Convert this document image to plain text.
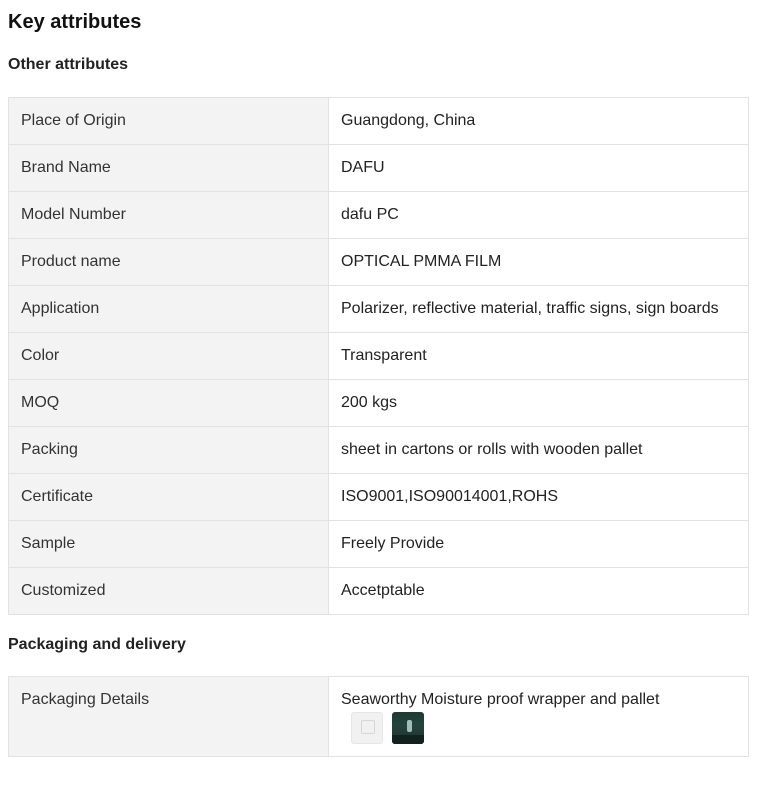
Key attributes
Other attributes
Place of Origin	Guangdong, China
Brand Name	DAFU
Model Number	dafu PC
Product name	OPTICAL PMMA FILM
Application	Polarizer, reflective material, traffic signs, sign boards
Color	Transparent
MOQ	200 kgs
Packing	sheet in cartons or rolls with wooden pallet
Certificate	ISO9001,ISO90014001,ROHS
Sample	Freely Provide
Customized	Accetptable
Packaging and delivery
Packaging Details	Seaworthy Moisture proof wrapper and pallet
